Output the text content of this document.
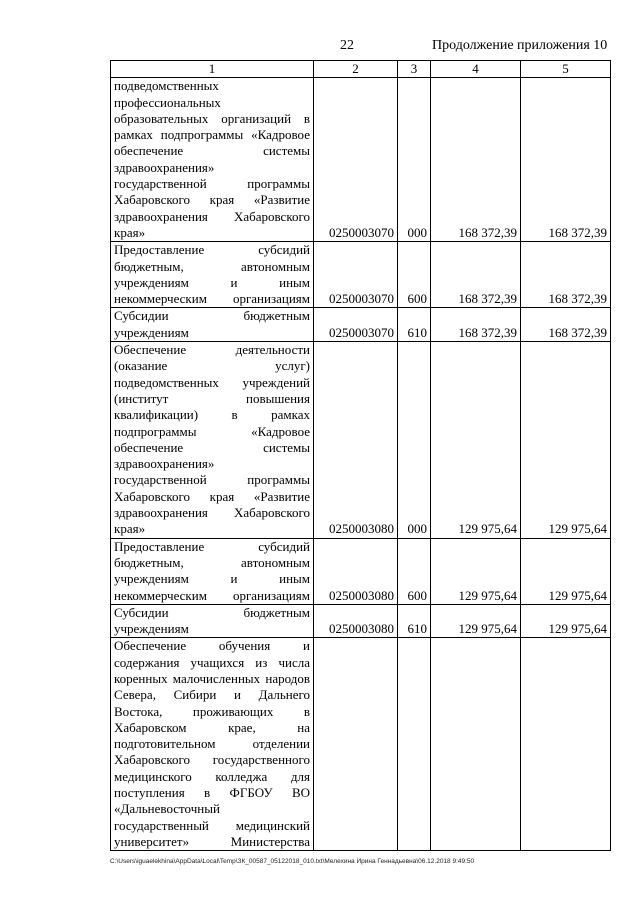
22	Продолжение приложения 10
1	2	3	4	5
подведомственных профессиональных образовательных организаций в рамках подпрограммы «Кадровое обеспечение системы здравоохранения» государственной программы Хабаровского края «Развитие здравоохранения Хабаровского края»	0250003070	000	168 372,39	168 372,39
Предоставление субсидий бюджетным, автономным учреждениям и иным некоммерческим организациям	0250003070	600	168 372,39	168 372,39
Субсидии бюджетным учреждениям	0250003070	610	168 372,39	168 372,39
Обеспечение деятельности (оказание услуг) подведомственных учреждений (институт повышения квалификации) в рамках подпрограммы «Кадровое обеспечение системы здравоохранения» государственной программы Хабаровского края «Развитие здравоохранения Хабаровского края»	0250003080	000	129 975,64	129 975,64
Предоставление субсидий бюджетным, автономным учреждениям и иным некоммерческим организациям	0250003080	600	129 975,64	129 975,64
Субсидии бюджетным учреждениям	0250003080	610	129 975,64	129 975,64
Обеспечение обучения и содержания учащихся из числа коренных малочисленных народов Севера, Сибири и Дальнего Востока, проживающих в Хабаровском крае, на подготовительном отделении Хабаровского государственного медицинского колледжа для поступления в ФГБОУ ВО «Дальневосточный государственный медицинский университет» Министерства				
C:\Users\iguaelekhina\AppData\Local\Temp\ЗК_00587_05122018_010.txt\Мелехина Ирина Геннадьевна\06.12.2018 9:49:50
